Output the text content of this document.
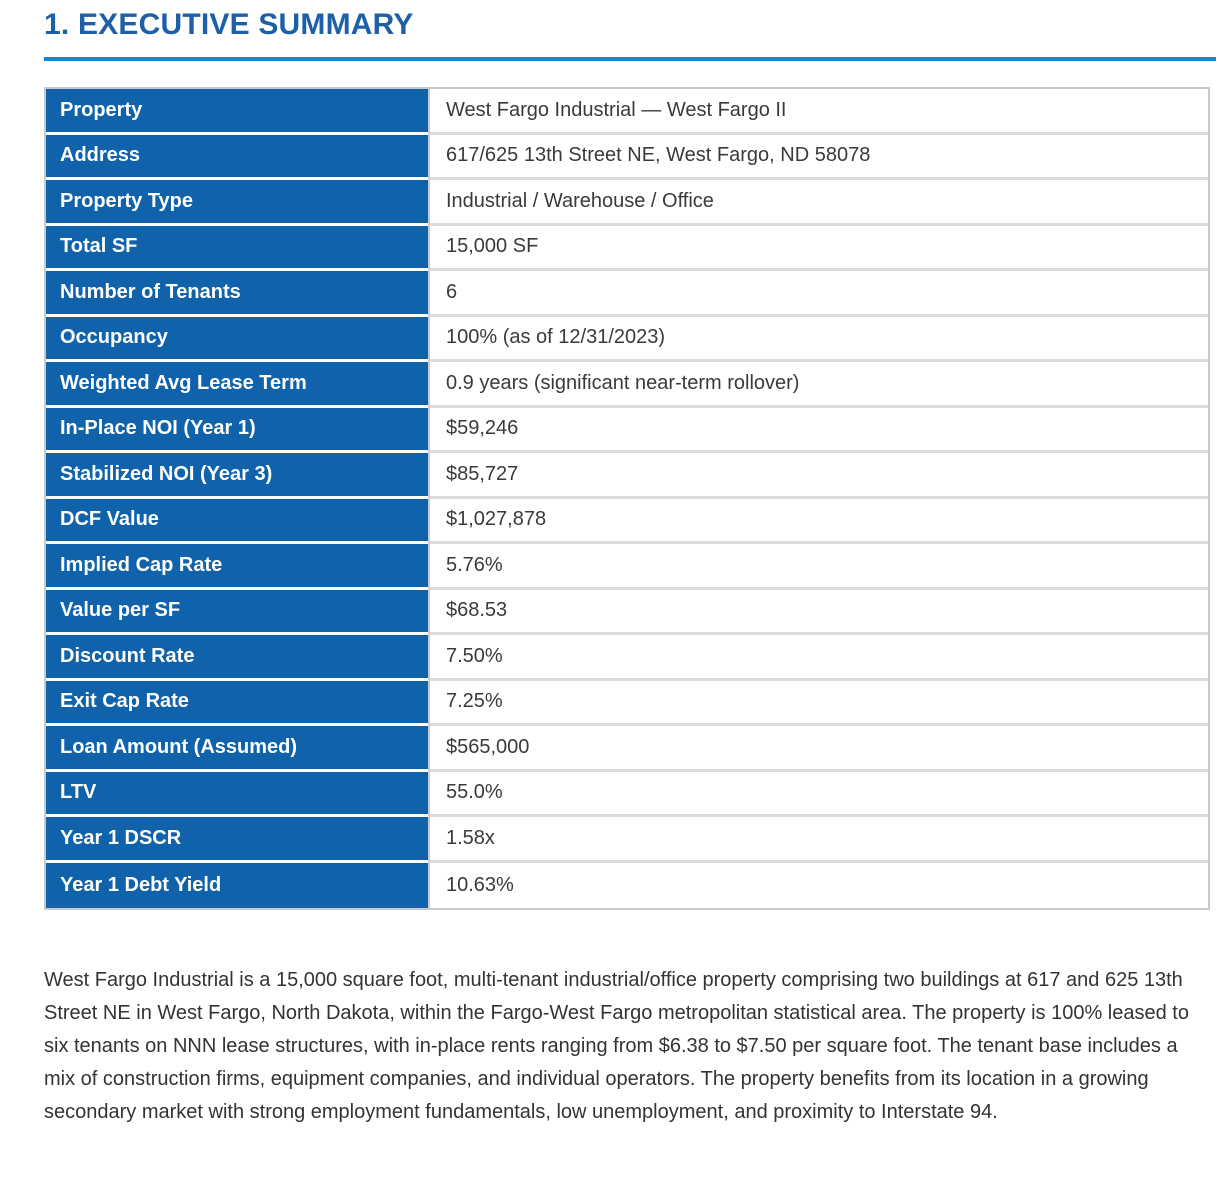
1. EXECUTIVE SUMMARY
Property	West Fargo Industrial — West Fargo II
Address	617/625 13th Street NE, West Fargo, ND 58078
Property Type	Industrial / Warehouse / Office
Total SF	15,000 SF
Number of Tenants	6
Occupancy	100% (as of 12/31/2023)
Weighted Avg Lease Term	0.9 years (significant near-term rollover)
In-Place NOI (Year 1)	$59,246
Stabilized NOI (Year 3)	$85,727
DCF Value	$1,027,878
Implied Cap Rate	5.76%
Value per SF	$68.53
Discount Rate	7.50%
Exit Cap Rate	7.25%
Loan Amount (Assumed)	$565,000
LTV	55.0%
Year 1 DSCR	1.58x
Year 1 Debt Yield	10.63%
West Fargo Industrial is a 15,000 square foot, multi-tenant industrial/office property comprising two buildings at 617 and 625 13th Street NE in West Fargo, North Dakota, within the Fargo-West Fargo metropolitan statistical area. The property is 100% leased to six tenants on NNN lease structures, with in-place rents ranging from $6.38 to $7.50 per square foot. The tenant base includes a mix of construction firms, equipment companies, and individual operators. The property benefits from its location in a growing secondary market with strong employment fundamentals, low unemployment, and proximity to Interstate 94.
